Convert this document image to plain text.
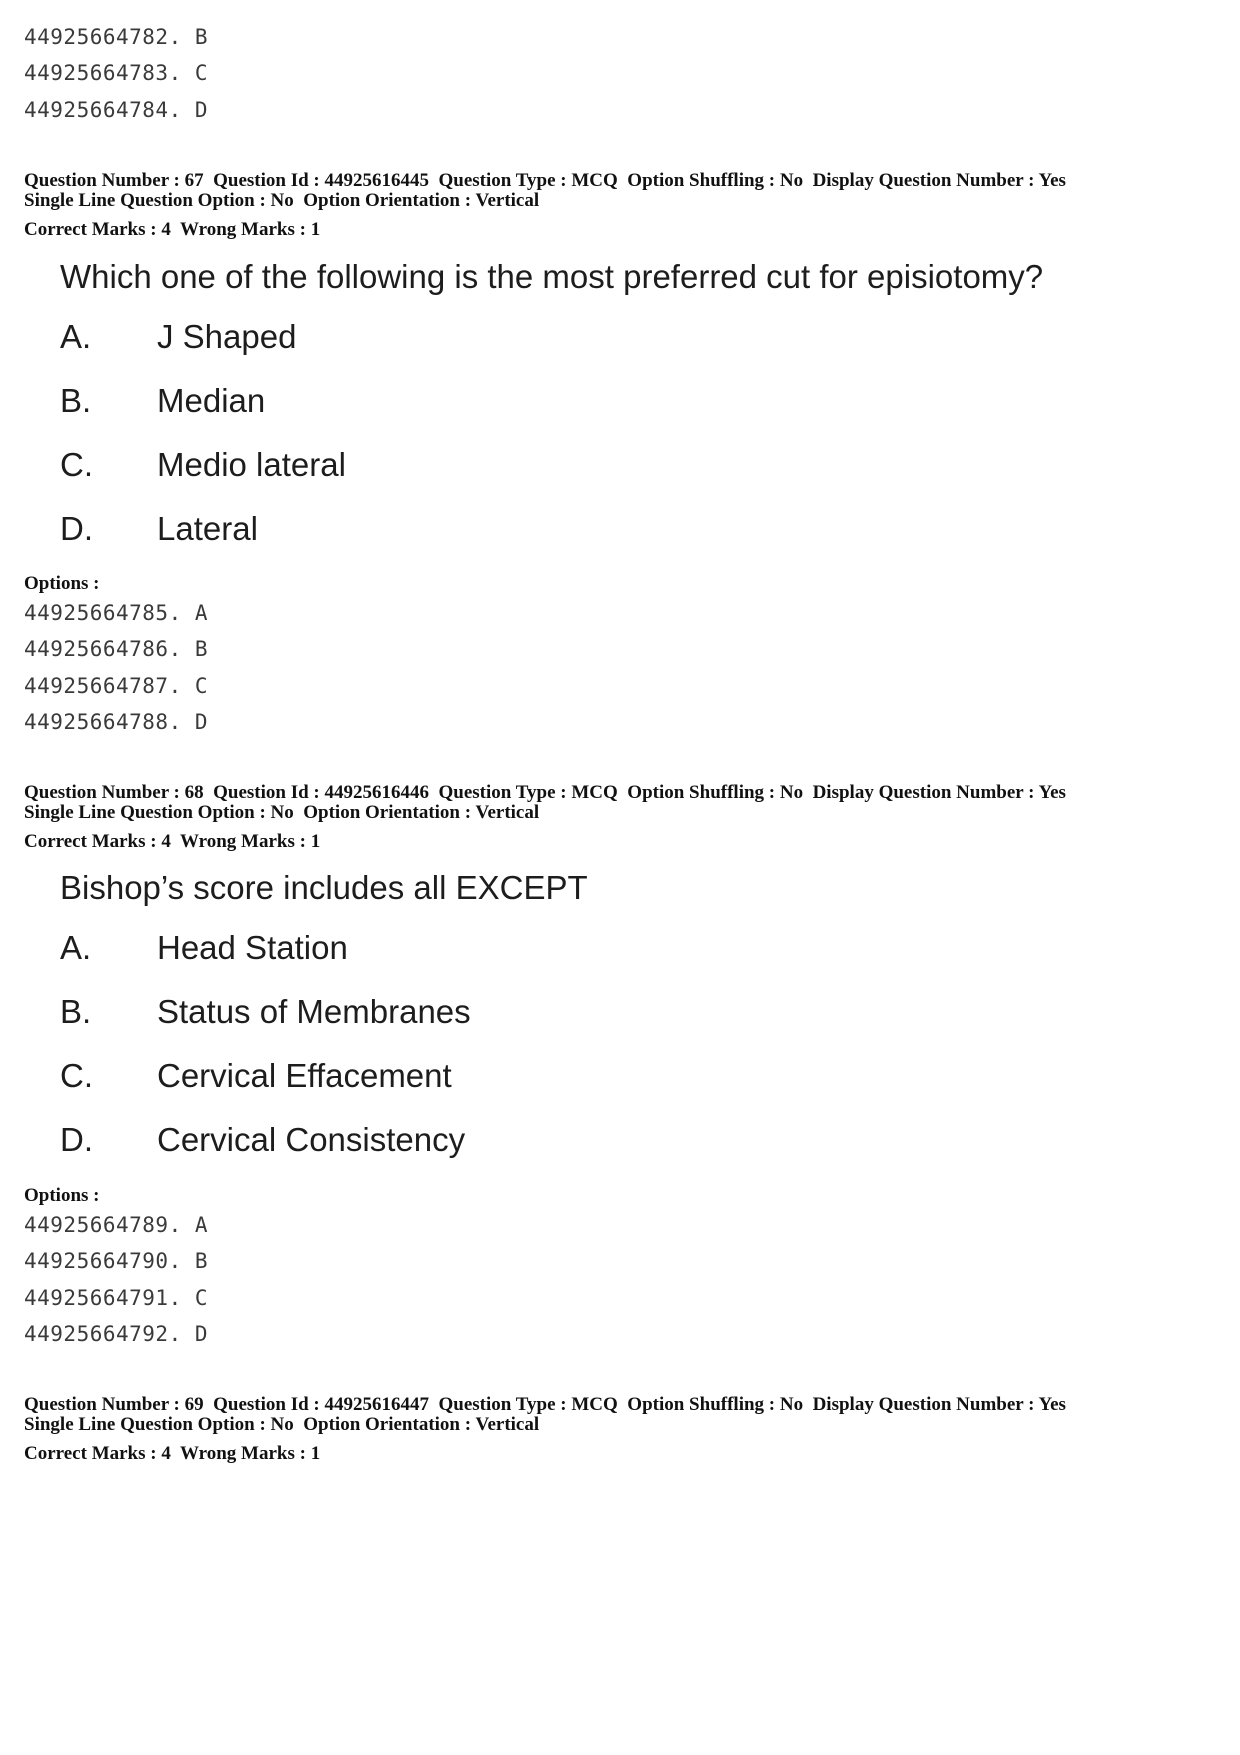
44925664782. B
44925664783. C
44925664784. D
Question Number : 67  Question Id : 44925616445  Question Type : MCQ  Option Shuffling : No  Display Question Number : Yes
Single Line Question Option : No  Option Orientation : Vertical
Correct Marks : 4  Wrong Marks : 1
Which one of the following is the most preferred cut for episiotomy?
A. J Shaped
B. Median
C. Medio lateral
D. Lateral
Options :
44925664785. A
44925664786. B
44925664787. C
44925664788. D
Question Number : 68  Question Id : 44925616446  Question Type : MCQ  Option Shuffling : No  Display Question Number : Yes
Single Line Question Option : No  Option Orientation : Vertical
Correct Marks : 4  Wrong Marks : 1
Bishop’s score includes all EXCEPT
A. Head Station
B. Status of Membranes
C. Cervical Effacement
D. Cervical Consistency
Options :
44925664789. A
44925664790. B
44925664791. C
44925664792. D
Question Number : 69  Question Id : 44925616447  Question Type : MCQ  Option Shuffling : No  Display Question Number : Yes
Single Line Question Option : No  Option Orientation : Vertical
Correct Marks : 4  Wrong Marks : 1
